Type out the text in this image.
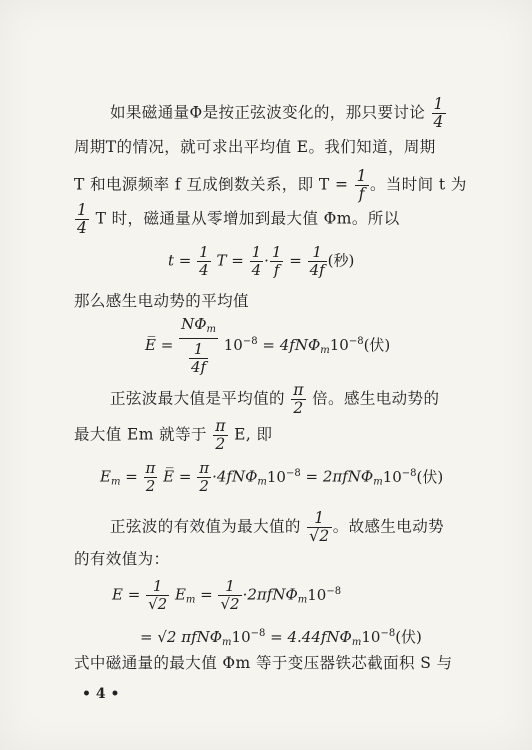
如果磁通量Φ是按正弦波变化的，那只要讨论 $\frac{1}{4}$
周期T的情况，就可求出平均值 E。我们知道，周期
T 和电源频率 f 互成倒数关系，即 $T = \frac{1}{f}$ 。当时间 t 为
$\frac{1}{4}$ T 时，磁通量从零增加到最大值 Φm。所以
$t = \frac{1}{4}$ $T = \frac{1}{4} \cdot \frac{1}{f} = \frac{1}{4f}$ (秒)
那么感生电动势的平均值
E̅ = $\frac{N\Phi_m}{\frac{1}{4f}} 10^{-8} = 4fN\Phi_m10^{-8}$(伏)
正弦波最大值是平均值的 $\frac{\pi}{2}$ 倍。感生电动势的
最大值 Em 就等于 $\frac{\pi}{2} E$, 即
$E_m = \frac{\pi}{2}$ E̅ = $\frac{\pi}{2} \cdot 4fN\Phi_m10^{-8} = 2\pi fN\Phi_m10^{-8}$(伏)
正弦波的有效值为最大值的 $\frac{1}{√2}$ 。故感生电动势
的有效值为：
$E = \frac{1}{√2} E_m = \frac{1}{√2} \cdot 2\pi fN\Phi_m10^{-8}$
= √2 $\pi fN\Phi_m10^{-8} = 4.44fN\Phi_m10^{-8}$(伏)
式中磁通量的最大值 Φm 等于变压器铁芯截面积 S 与
• 4 •
